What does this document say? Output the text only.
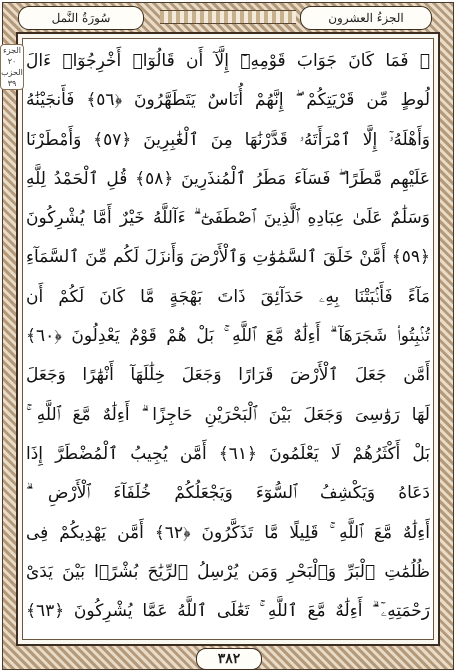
سُورَةُ النَّمل	الجزءُ العشرون
الجزء ٢٠
الحزب ٣٩
﴿ فَمَا كَانَ جَوَابَ قَوْمِهِۦٓ إِلَّآ أَن قَالُوٓا۟ أَخْرِجُوٓا۟ ءَالَ
لُوطٍ مِّن قَرْيَتِكُمْ ۖ إِنَّهُمْ أُنَاسٌ يَتَطَهَّرُونَ ﴿٥٦﴾ فَأَنجَيْنَٰهُ
وَأَهْلَهُۥٓ إِلَّا ٱمْرَأَتَهُۥ قَدَّرْنَٰهَا مِنَ ٱلْغَٰبِرِينَ ﴿٥٧﴾ وَأَمْطَرْنَا
عَلَيْهِم مَّطَرًا ۖ فَسَآءَ مَطَرُ ٱلْمُنذَرِينَ ﴿٥٨﴾ قُلِ ٱلْحَمْدُ لِلَّهِ
وَسَلَٰمٌ عَلَىٰ عِبَادِهِ ٱلَّذِينَ ٱصْطَفَىٰٓ ۗ ءَآللَّهُ خَيْرٌ أَمَّا يُشْرِكُونَ
﴿٥٩﴾ أَمَّنْ خَلَقَ ٱلسَّمَٰوَٰتِ وَٱلْأَرْضَ وَأَنزَلَ لَكُم مِّنَ ٱلسَّمَآءِ
مَآءً فَأَنۢبَتْنَا بِهِۦ حَدَآئِقَ ذَاتَ بَهْجَةٍ مَّا كَانَ لَكُمْ أَن
تُنۢبِتُوا۟ شَجَرَهَآ ۗ أَءِلَٰهٌ مَّعَ ٱللَّهِ ۚ بَلْ هُمْ قَوْمٌ يَعْدِلُونَ ﴿٦٠﴾
أَمَّن جَعَلَ ٱلْأَرْضَ قَرَارًا وَجَعَلَ خِلَٰلَهَآ أَنْهَٰرًا وَجَعَلَ
لَهَا رَوَٰسِىَ وَجَعَلَ بَيْنَ ٱلْبَحْرَيْنِ حَاجِزًا ۗ أَءِلَٰهٌ مَّعَ ٱللَّهِ ۚ
بَلْ أَكْثَرُهُمْ لَا يَعْلَمُونَ ﴿٦١﴾ أَمَّن يُجِيبُ ٱلْمُضْطَرَّ إِذَا
دَعَاهُ وَيَكْشِفُ ٱلسُّوٓءَ وَيَجْعَلُكُمْ خُلَفَآءَ ٱلْأَرْضِ ۗ
أَءِلَٰهٌ مَّعَ ٱللَّهِ ۚ قَلِيلًا مَّا تَذَكَّرُونَ ﴿٦٢﴾ أَمَّن يَهْدِيكُمْ فِى
ظُلُمَٰتِ ٱلْبَرِّ وَٱلْبَحْرِ وَمَن يُرْسِلُ ٱلرِّيَٰحَ بُشْرًۢا بَيْنَ يَدَىْ
رَحْمَتِهِۦٓ ۗ أَءِلَٰهٌ مَّعَ ٱللَّهِ ۚ تَعَٰلَى ٱللَّهُ عَمَّا يُشْرِكُونَ ﴿٦٣﴾
٣٨٢
